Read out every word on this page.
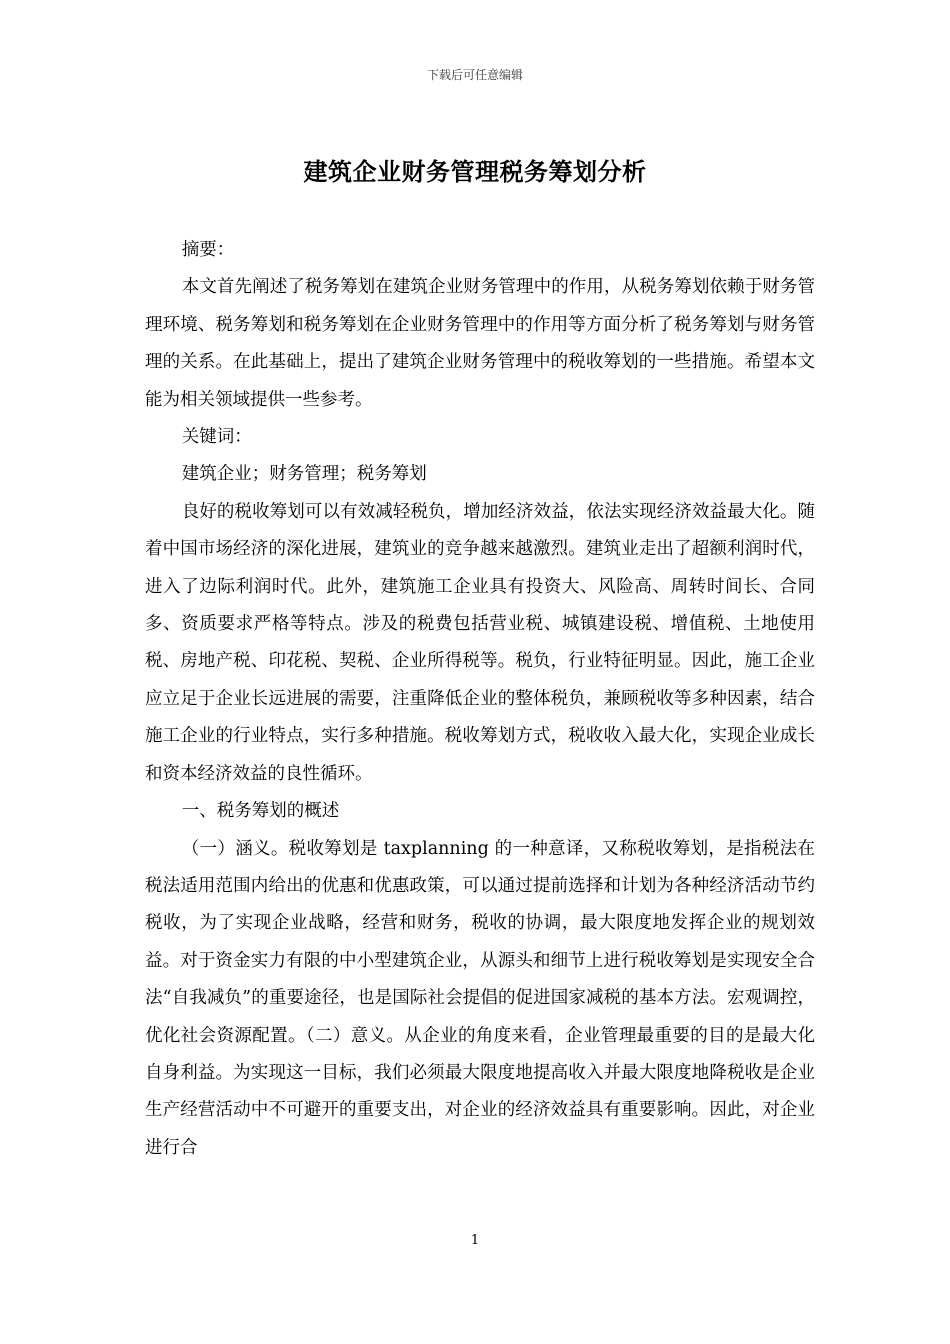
下载后可任意编辑
建筑企业财务管理税务筹划分析

摘要：

本文首先阐述了税务筹划在建筑企业财务管理中的作用，从税务筹划依赖于财务管理环境、税务筹划和税务筹划在企业财务管理中的作用等方面分析了税务筹划与财务管理的关系。在此基础上，提出了建筑企业财务管理中的税收筹划的一些措施。希望本文能为相关领域提供一些参考。

关键词：

建筑企业；财务管理；税务筹划

良好的税收筹划可以有效减轻税负，增加经济效益，依法实现经济效益最大化。随着中国市场经济的深化进展，建筑业的竞争越来越激烈。建筑业走出了超额利润时代，进入了边际利润时代。此外，建筑施工企业具有投资大、风险高、周转时间长、合同多、资质要求严格等特点。涉及的税费包括营业税、城镇建设税、增值税、土地使用税、房地产税、印花税、契税、企业所得税等。税负，行业特征明显。因此，施工企业应立足于企业长远进展的需要，注重降低企业的整体税负，兼顾税收等多种因素，结合施工企业的行业特点，实行多种措施。税收筹划方式，税收收入最大化，实现企业成长和资本经济效益的良性循环。

一、税务筹划的概述

（一）涵义。税收筹划是 taxplanning 的一种意译，又称税收筹划，是指税法在税法适用范围内给出的优惠和优惠政策，可以通过提前选择和计划为各种经济活动节约税收，为了实现企业战略，经营和财务，税收的协调，最大限度地发挥企业的规划效益。对于资金实力有限的中小型建筑企业，从源头和细节上进行税收筹划是实现安全合法“自我减负”的重要途径，也是国际社会提倡的促进国家减税的基本方法。宏观调控，优化社会资源配置。（二）意义。从企业的角度来看，企业管理最重要的目的是最大化自身利益。为实现这一目标，我们必须最大限度地提高收入并最大限度地降税收是企业生产经营活动中不可避开的重要支出，对企业的经济效益具有重要影响。因此，对企业进行合

1
